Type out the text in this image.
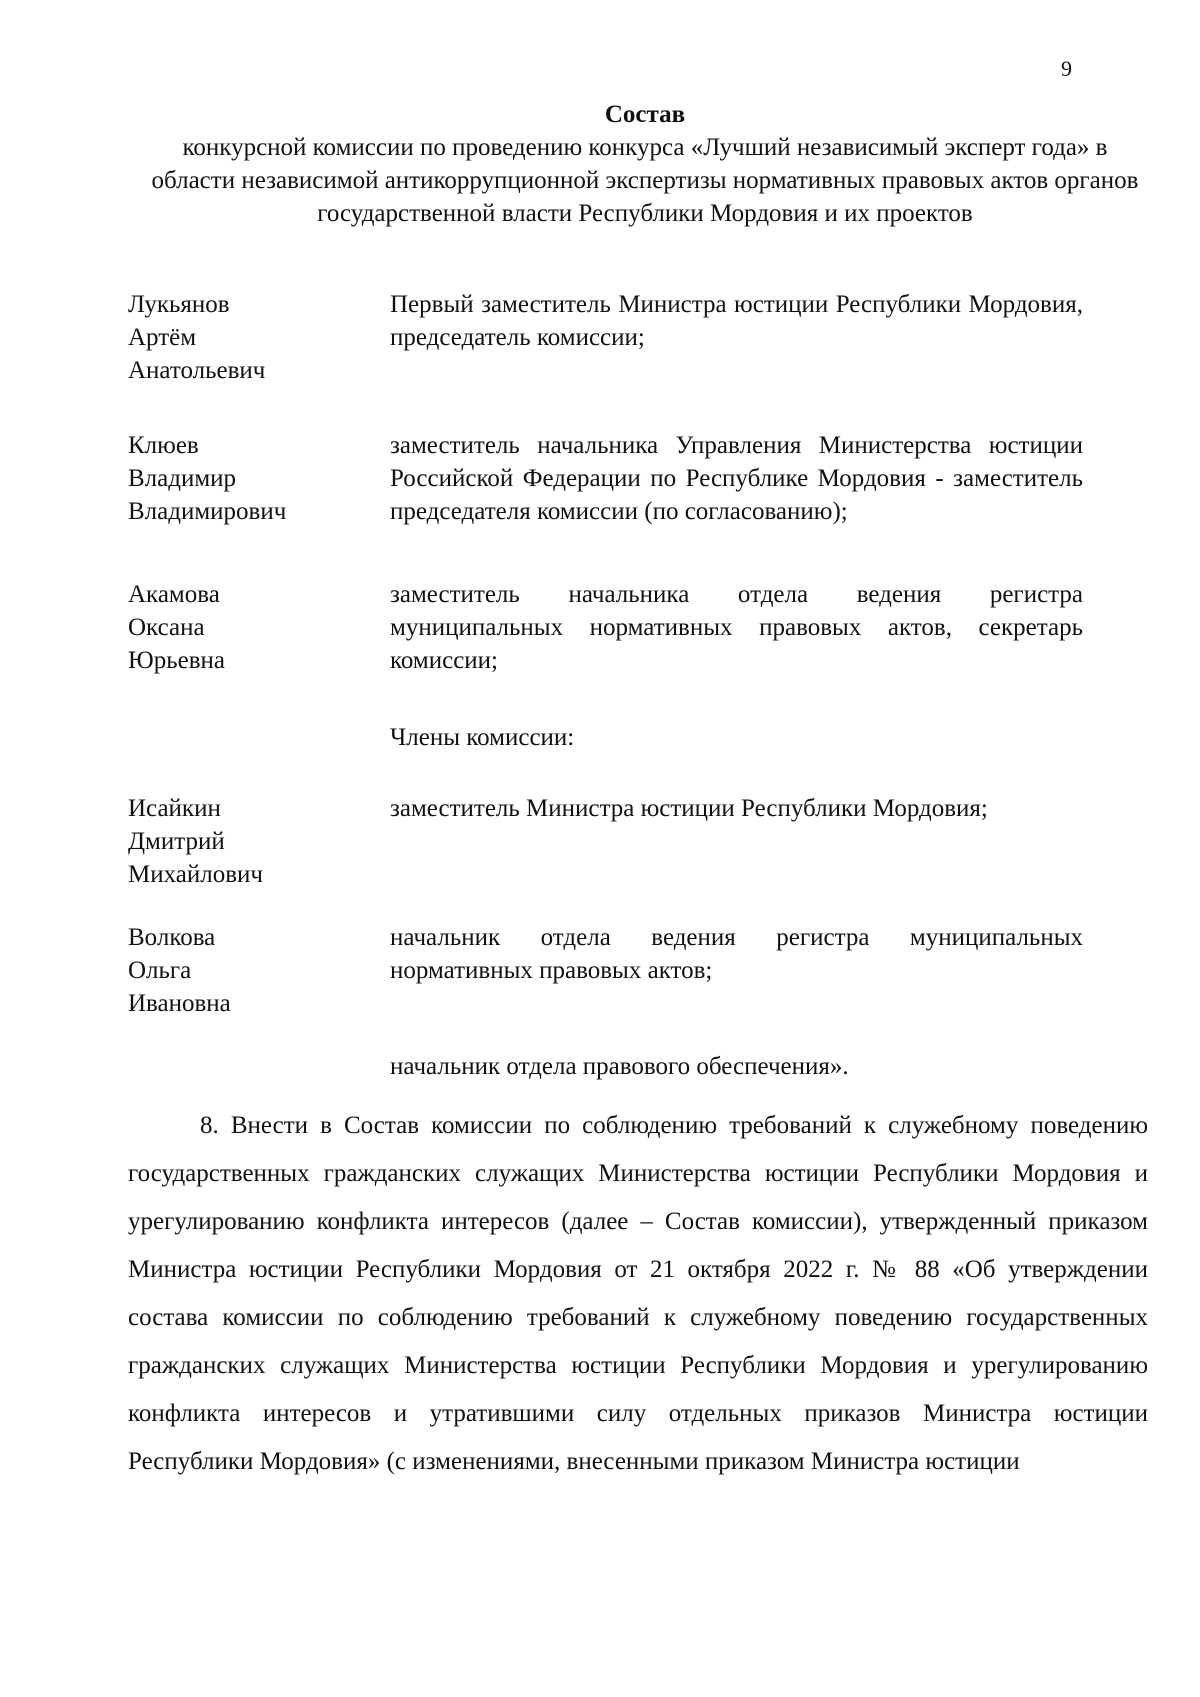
9
Состав
конкурсной комиссии по проведению конкурса «Лучший независимый эксперт года» в области независимой антикоррупционной экспертизы нормативных правовых актов органов государственной власти Республики Мордовия и их проектов
Лукьянов
Артём
Анатольевич
Первый заместитель Министра юстиции Республики Мордовия, председатель комиссии;
Клюев
Владимир
Владимирович
заместитель начальника Управления Министерства юстиции Российской Федерации по Республике Мордовия - заместитель председателя комиссии (по согласованию);
Акамова
Оксана
Юрьевна
заместитель начальника отдела ведения регистра муниципальных нормативных правовых актов, секретарь комиссии;
Члены комиссии:
Исайкин
Дмитрий
Михайлович
заместитель Министра юстиции Республики Мордовия;
Волкова
Ольга
Ивановна
начальник отдела ведения регистра муниципальных нормативных правовых актов;
начальник отдела правового обеспечения».
8. Внести в Состав комиссии по соблюдению требований к служебному поведению государственных гражданских служащих Министерства юстиции Республики Мордовия и урегулированию конфликта интересов (далее – Состав комиссии), утвержденный приказом Министра юстиции Республики Мордовия от 21 октября 2022 г. № 88 «Об утверждении состава комиссии по соблюдению требований к служебному поведению государственных гражданских служащих Министерства юстиции Республики Мордовия и урегулированию конфликта интересов и утратившими силу отдельных приказов Министра юстиции Республики Мордовия» (с изменениями, внесенными приказом Министра юстиции
